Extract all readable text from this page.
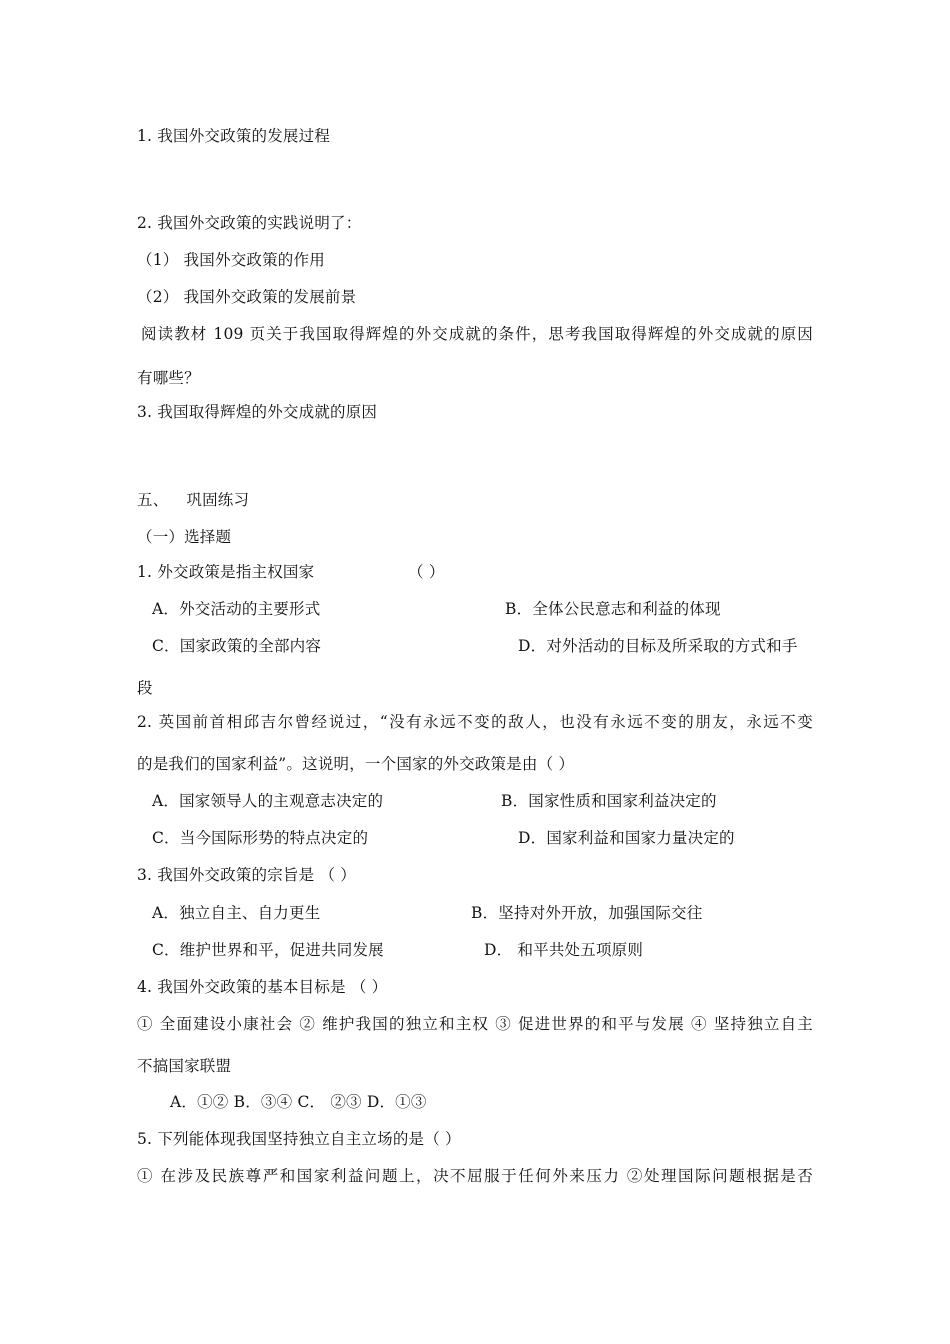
1. 我国外交政策的发展过程
2. 我国外交政策的实践说明了：
（1） 我国外交政策的作用
（2） 我国外交政策的发展前景
阅读教材 109 页关于我国取得辉煌的外交成就的条件，思考我国取得辉煌的外交成就的原因
有哪些？
3. 我国取得辉煌的外交成就的原因
五、 巩固练习
（一）选择题
1. 外交政策是指主权国家	（ ）
A．外交活动的主要形式	B．全体公民意志和利益的体现
C．国家政策的全部内容	D．对外活动的目标及所采取的方式和手
段
2. 英国前首相邱吉尔曾经说过，“没有永远不变的敌人，也没有永远不变的朋友，永远不变
的是我们的国家利益”。这说明，一个国家的外交政策是由（ ）
A．国家领导人的主观意志决定的	B．国家性质和国家利益决定的
C．当今国际形势的特点决定的	D．国家利益和国家力量决定的
3. 我国外交政策的宗旨是 （ ）
A．独立自主、自力更生	B．坚持对外开放，加强国际交往
C．维护世界和平，促进共同发展	D． 和平共处五项原则
4. 我国外交政策的基本目标是 （ ）
① 全面建设小康社会 ② 维护我国的独立和主权 ③ 促进世界的和平与发展 ④ 坚持独立自主
不搞国家联盟
A．①② B．③④ C． ②③ D．①③
5. 下列能体现我国坚持独立自主立场的是（ ）
① 在涉及民族尊严和国家利益问题上，决不屈服于任何外来压力 ②处理国际问题根据是否
